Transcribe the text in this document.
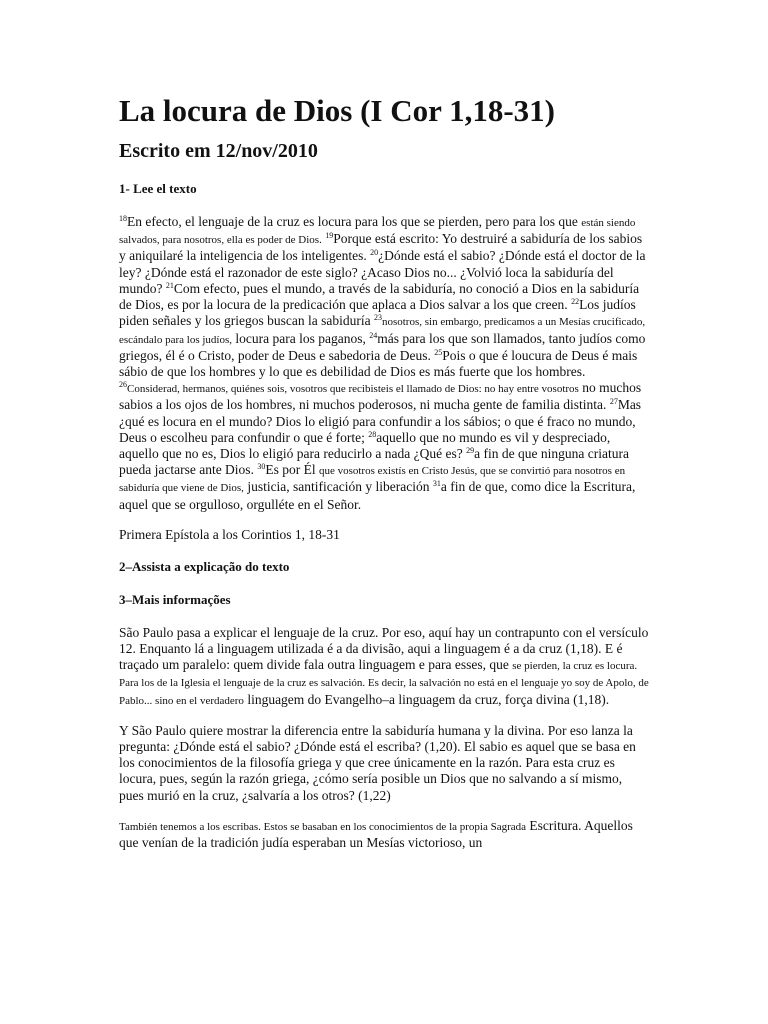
La locura de Dios (I Cor 1,18-31)
Escrito em 12/nov/2010
1- Lee el texto

$^{18}$En efecto, el lenguaje de la cruz es locura para los que se pierden, pero para los que están siendo salvados, para nosotros, ella es poder de Dios. $^{19}$Porque está escrito: Yo destruiré a sabiduría de los sabios y aniquilaré la inteligencia de los inteligentes. $^{20}$¿Dónde está el sabio? ¿Dónde está el doctor de la ley? ¿Dónde está el razonador de este siglo? ¿Acaso Dios no... ¿Volvió loca la sabiduría del mundo? $^{21}$Com efecto, pues el mundo, a través de la sabiduría, no conoció a Dios en la sabiduría de Dios, es por la locura de la predicación que aplaca a Dios salvar a los que creen. $^{22}$Los judíos piden señales y los griegos buscan la sabiduría $^{23}$nosotros, sin embargo, predicamos a un Mesías crucificado, escándalo para los judíos, locura para los paganos, $^{24}$más para los que son llamados, tanto judíos como griegos, él é o Cristo, poder de Deus e sabedoria de Deus. $^{25}$Pois o que é loucura de Deus é mais sábio de que los hombres y lo que es debilidad de Dios es más fuerte que los hombres. $^{26}$Considerad, hermanos, quiénes sois, vosotros que recibisteis el llamado de Dios: no hay entre vosotros no muchos sabios a los ojos de los hombres, ni muchos poderosos, ni mucha gente de familia distinta. $^{27}$Mas ¿qué es locura en el mundo? Dios lo eligió para confundir a los sábios; o que é fraco no mundo, Deus o escolheu para confundir o que é forte; $^{28}$aquello que no mundo es vil y despreciado, aquello que no es, Dios lo eligió para reducirlo a nada ¿Qué es? $^{29}$a fin de que ninguna criatura pueda jactarse ante Dios. $^{30}$Es por Él que vosotros existís en Cristo Jesús, que se convirtió para nosotros en sabiduría que viene de Dios, justicia, santificación y liberación $^{31}$a fin de que, como dice la Escritura, aquel que se orgulloso, orgulléte en el Señor.

Primera Epístola a los Corintios 1, 18-31

2–Assista a explicação do texto
3–Mais informações

São Paulo pasa a explicar el lenguaje de la cruz. Por eso, aquí hay un contrapunto con el versículo 12. Enquanto lá a linguagem utilizada é a da divisão, aqui a linguagem é a da cruz (1,18). E é traçado um paralelo: quem divide fala outra linguagem e para esses, que se pierden, la cruz es locura. Para los de la Iglesia el lenguaje de la cruz es salvación. Es decir, la salvación no está en el lenguaje yo soy de Apolo, de Pablo... sino en el verdadero linguagem do Evangelho–a linguagem da cruz, força divina (1,18).

Y São Paulo quiere mostrar la diferencia entre la sabiduría humana y la divina. Por eso lanza la pregunta: ¿Dónde está el sabio? ¿Dónde está el escriba? (1,20). El sabio es aquel que se basa en los conocimientos de la filosofía griega y que cree únicamente en la razón. Para esta cruz es locura, pues, según la razón griega, ¿cómo sería posible un Dios que no salvando a sí mismo, pues murió en la cruz, ¿salvaría a los otros? (1,22)

También tenemos a los escribas. Estos se basaban en los conocimientos de la propia Sagrada Escritura. Aquellos que venían de la tradición judía esperaban un Mesías victorioso, un
